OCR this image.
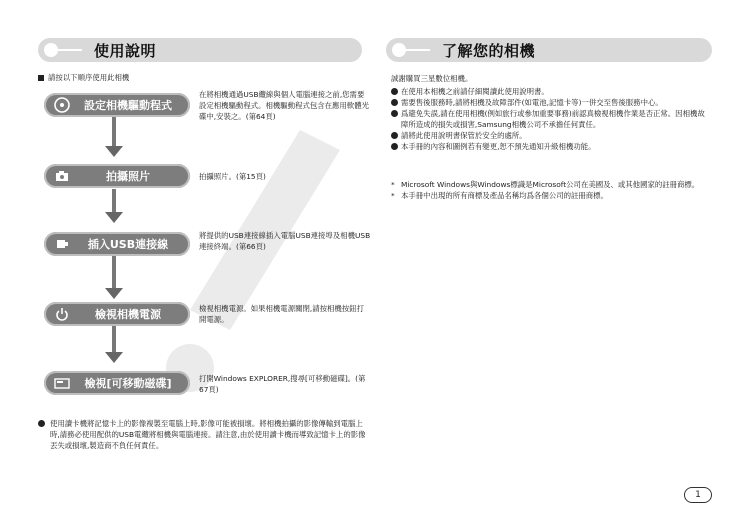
使用說明
請按以下順序使用此相機
設定相機驅動程式
在將相機通過USB纜線與個人電腦連接之前,您需要設定相機驅動程式。相機驅動程式包含在應用軟體光碟中,安裝之。(第64頁)
拍攝照片	拍攝照片。(第15頁)
插入USB連接線
將提供的USB連接線插入電腦USB連接埠及相機USB連接終端。(第66頁)
檢視相機電源	檢視相機電源。如果相機電源關閉,請按相機按鈕打開電源。
檢視[可移動磁碟]	打開Windows EXPLORER,搜尋[可移動磁碟]。(第67頁)
使用讀卡機將記憶卡上的影像複製至電腦上時,影像可能被損壞。將相機拍攝的影像傳輸到電腦上時,請務必使用配供的USB電纜將相機與電腦連接。請注意,由於使用讀卡機而導致記憶卡上的影像丟失或損壞,製造商不負任何責任。
了解您的相機
誠謝購買三星數位相機。
在使用本相機之前請仔細閱讀此使用說明書。
需要售後服務時,請將相機及故障部件(如電池,記憶卡等)一併交至售後服務中心。
爲避免失誤,請在使用相機(例如旅行或參加重要事務)前認真檢視相機作業是否正常。因相機故障所造成的損失或損害,Samsung相機公司不承擔任何責任。
請將此使用說明書保管於安全的處所。
本手冊的內容和圖例若有變更,恕不預先通知升級相機功能。
* Microsoft Windows與Windows標識是Microsoft公司在美國及、或其他國家的註冊商標。
* 本手冊中出現的所有商標及產品名稱均爲各個公司的註冊商標。
1
